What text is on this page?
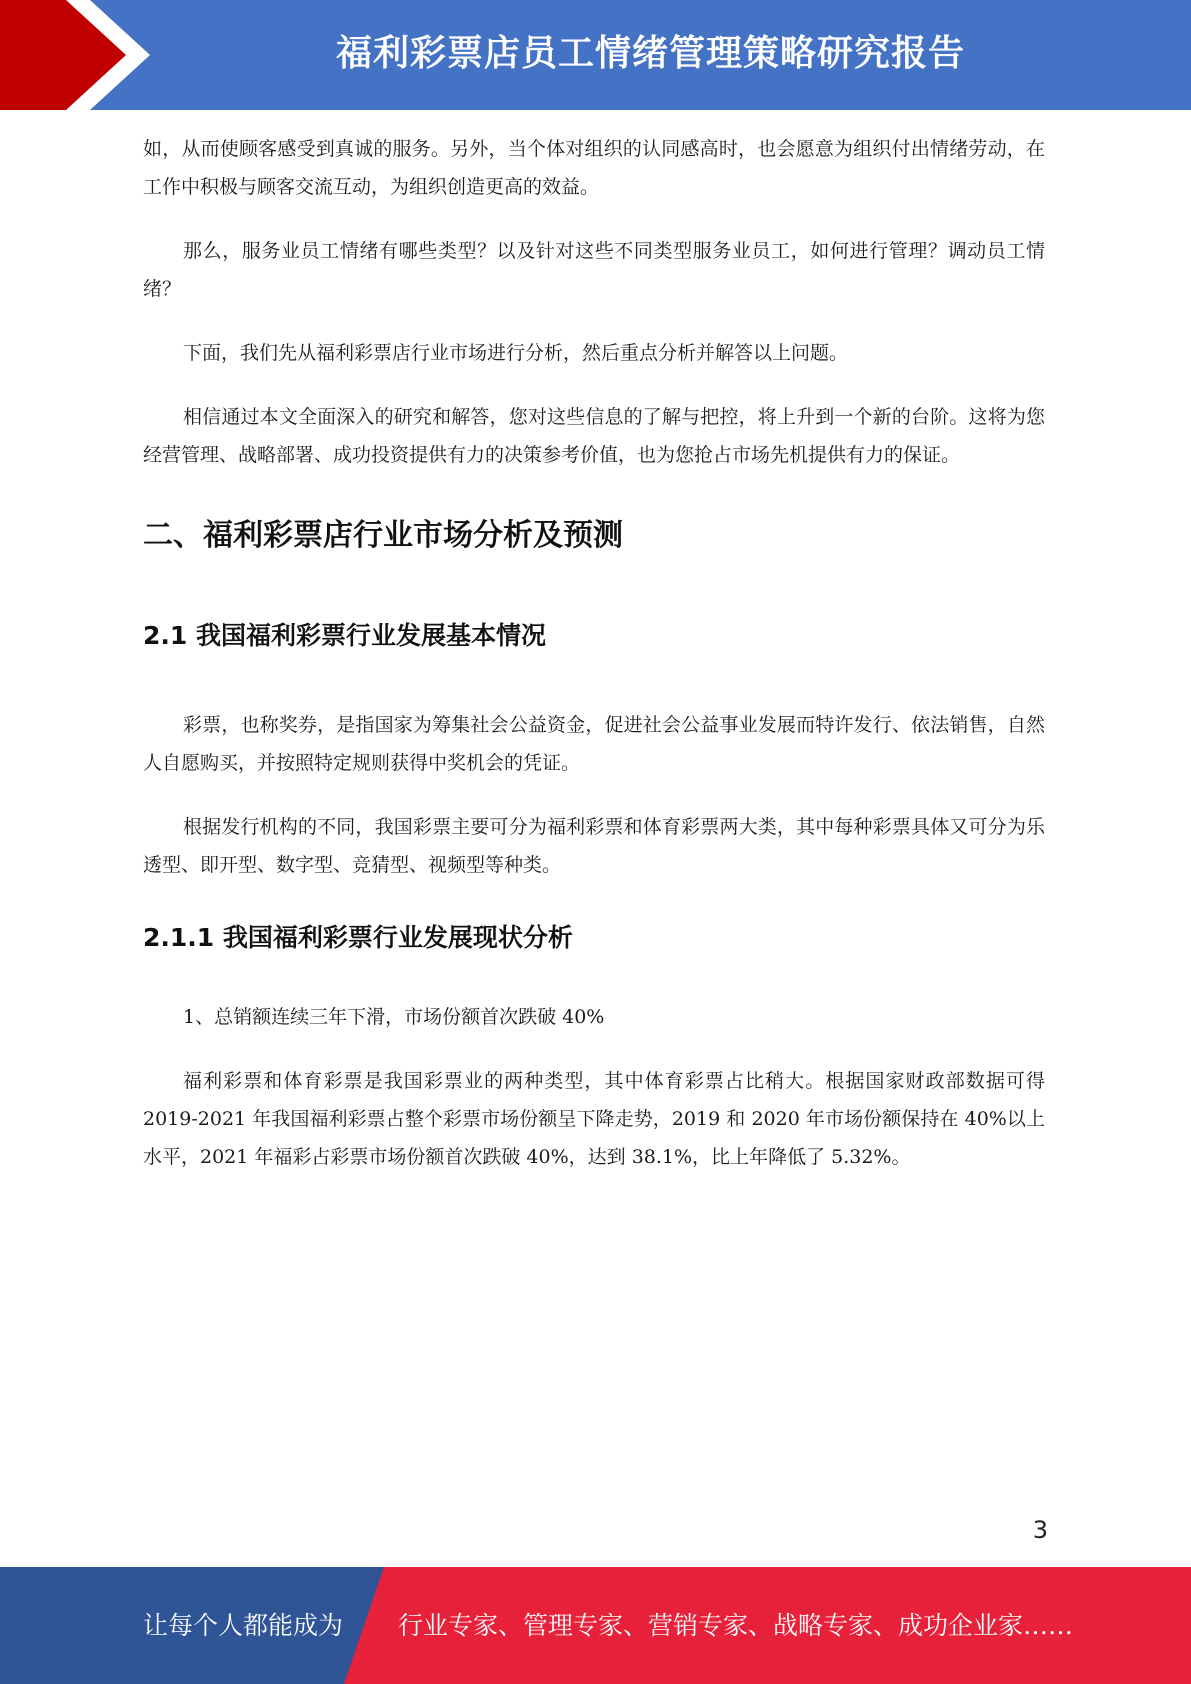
福利彩票店员工情绪管理策略研究报告

如，从而使顾客感受到真诚的服务。另外，当个体对组织的认同感高时，也会愿意为组织付出情绪劳动，在工作中积极与顾客交流互动，为组织创造更高的效益。

那么，服务业员工情绪有哪些类型？以及针对这些不同类型服务业员工，如何进行管理？调动员工情绪？

下面，我们先从福利彩票店行业市场进行分析，然后重点分析并解答以上问题。

相信通过本文全面深入的研究和解答，您对这些信息的了解与把控，将上升到一个新的台阶。这将为您经营管理、战略部署、成功投资提供有力的决策参考价值，也为您抢占市场先机提供有力的保证。

二、福利彩票店行业市场分析及预测
2.1 我国福利彩票行业发展基本情况

彩票，也称奖券，是指国家为筹集社会公益资金，促进社会公益事业发展而特许发行、依法销售，自然人自愿购买，并按照特定规则获得中奖机会的凭证。

根据发行机构的不同，我国彩票主要可分为福利彩票和体育彩票两大类，其中每种彩票具体又可分为乐透型、即开型、数字型、竞猜型、视频型等种类。

2.1.1 我国福利彩票行业发展现状分析

1、总销额连续三年下滑，市场份额首次跌破 40%

福利彩票和体育彩票是我国彩票业的两种类型，其中体育彩票占比稍大。根据国家财政部数据可得 2019-2021 年我国福利彩票占整个彩票市场份额呈下降走势，2019 和 2020 年市场份额保持在 40%以上水平，2021 年福彩占彩票市场份额首次跌破 40%，达到 38.1%，比上年降低了 5.32%。

3
让每个人都能成为 行业专家、管理专家、营销专家、战略专家、成功企业家……
